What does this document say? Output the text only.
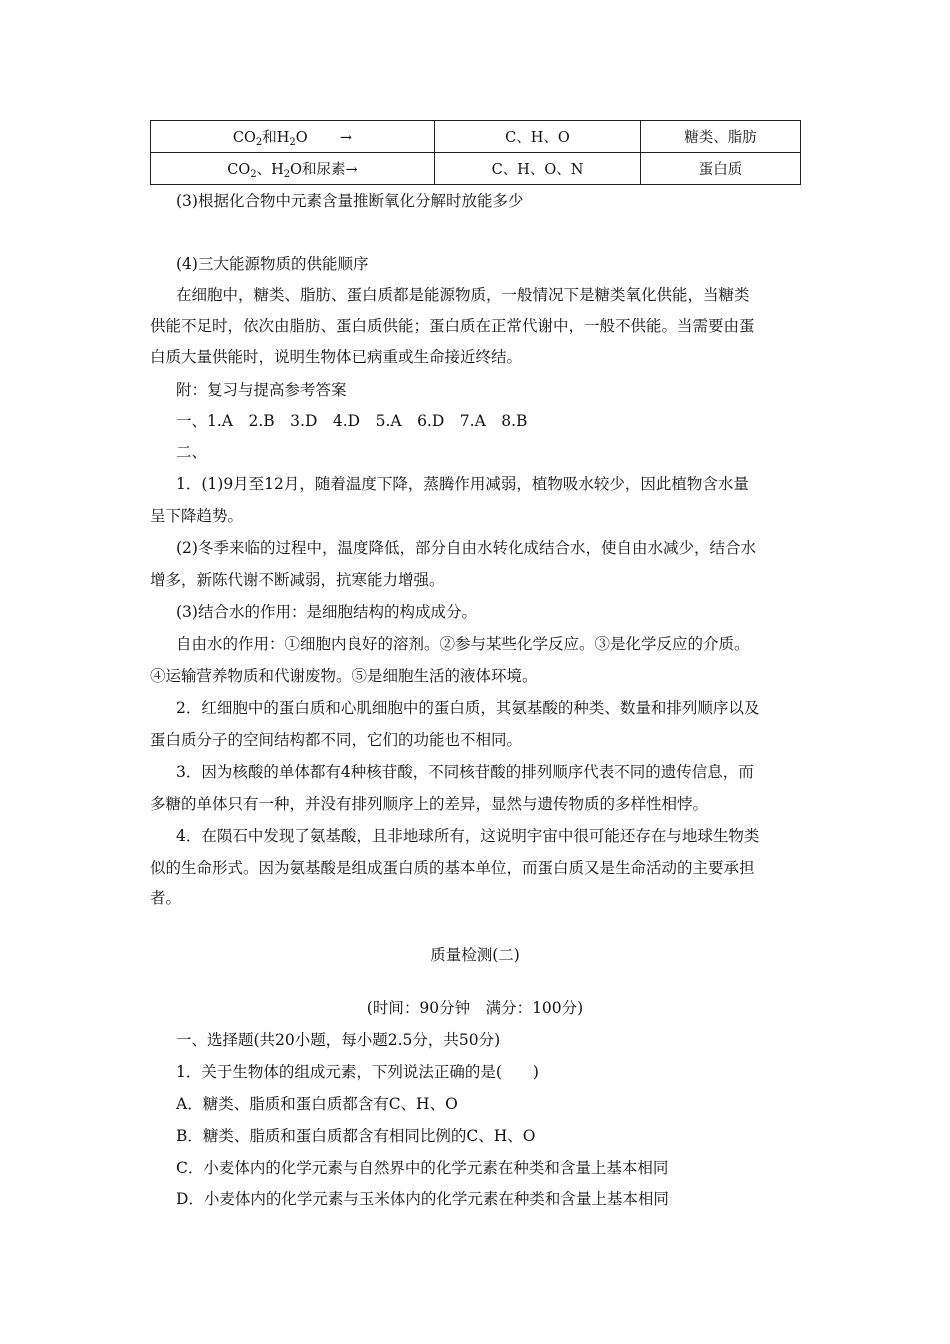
$CO_2$和$H_2O$       →	C、H、O	糖类、脂肪
$CO_2$、$H_2O$和尿素→	C、H、O、N	蛋白质
(3)根据化合物中元素含量推断氧化分解时放能多少
(4)三大能源物质的供能顺序
在细胞中，糖类、脂肪、蛋白质都是能源物质，一般情况下是糖类氧化供能，当糖类
供能不足时，依次由脂肪、蛋白质供能；蛋白质在正常代谢中，一般不供能。当需要由蛋
白质大量供能时，说明生物体已病重或生命接近终结。
附：复习与提高参考答案
一、1.A　2.B　3.D　4.D　5.A　6.D　7.A　8.B
二、
1．(1)9月至12月，随着温度下降，蒸腾作用减弱，植物吸水较少，因此植物含水量
呈下降趋势。
(2)冬季来临的过程中，温度降低，部分自由水转化成结合水，使自由水减少，结合水
增多，新陈代谢不断减弱，抗寒能力增强。
(3)结合水的作用：是细胞结构的构成成分。
自由水的作用：①细胞内良好的溶剂。②参与某些化学反应。③是化学反应的介质。
④运输营养物质和代谢废物。⑤是细胞生活的液体环境。
2．红细胞中的蛋白质和心肌细胞中的蛋白质，其氨基酸的种类、数量和排列顺序以及
蛋白质分子的空间结构都不同，它们的功能也不相同。
3．因为核酸的单体都有4种核苷酸，不同核苷酸的排列顺序代表不同的遗传信息，而
多糖的单体只有一种，并没有排列顺序上的差异，显然与遗传物质的多样性相悖。
4．在陨石中发现了氨基酸，且非地球所有，这说明宇宙中很可能还存在与地球生物类
似的生命形式。因为氨基酸是组成蛋白质的基本单位，而蛋白质又是生命活动的主要承担
者。
质量检测(二)
(时间：90分钟　满分：100分)
一、选择题(共20小题，每小题2.5分，共50分)
1．关于生物体的组成元素，下列说法正确的是(　　)
A．糖类、脂质和蛋白质都含有C、H、O
B．糖类、脂质和蛋白质都含有相同比例的C、H、O
C．小麦体内的化学元素与自然界中的化学元素在种类和含量上基本相同
D．小麦体内的化学元素与玉米体内的化学元素在种类和含量上基本相同
